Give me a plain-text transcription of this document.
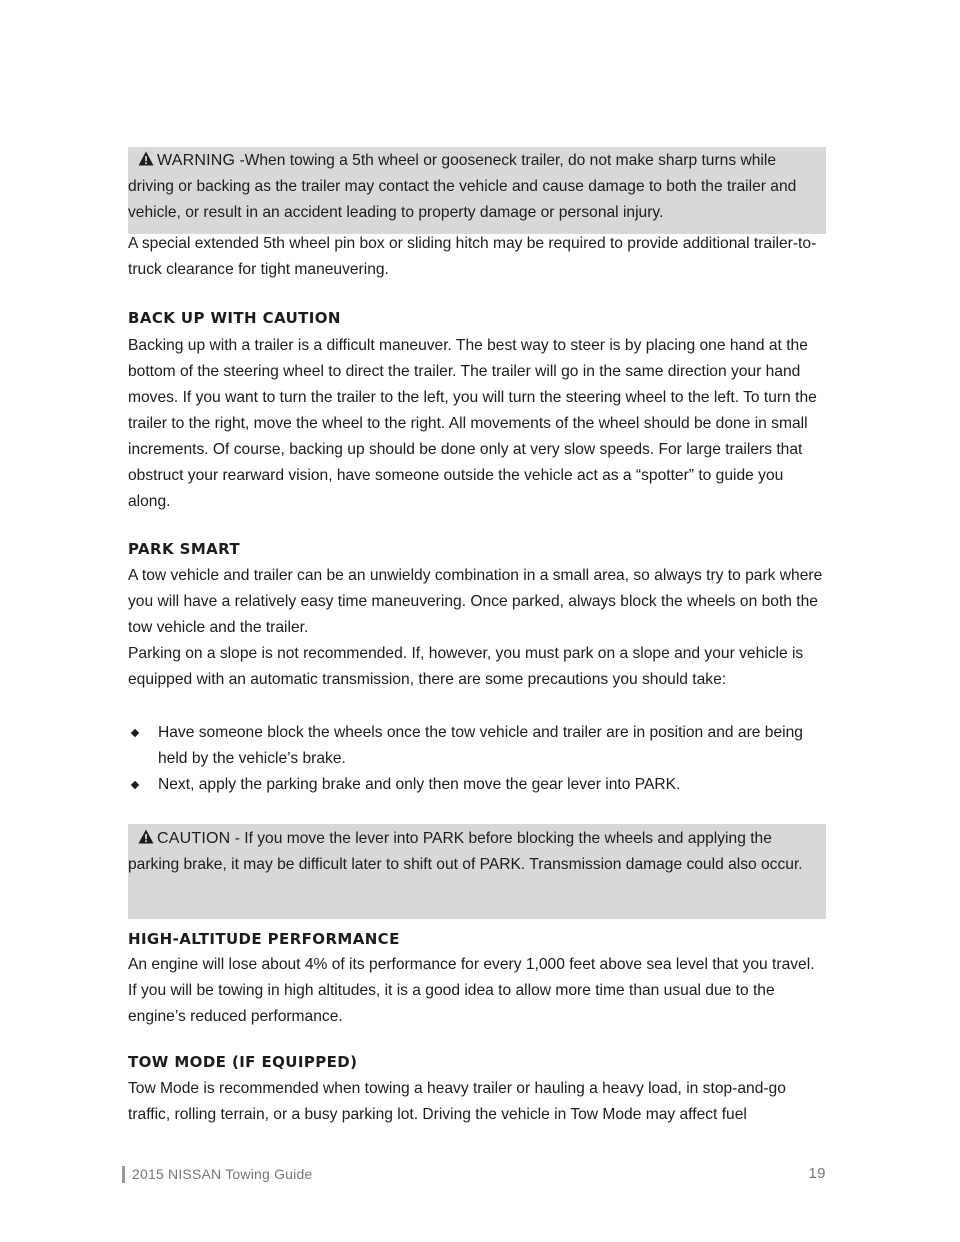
WARNING -When towing a 5th wheel or gooseneck trailer, do not make sharp turns while driving or backing as the trailer may contact the vehicle and cause damage to both the trailer and vehicle, or result in an accident leading to property damage or personal injury.

A special extended 5th wheel pin box or sliding hitch may be required to provide additional trailer-to-truck clearance for tight maneuvering.

BACK UP WITH CAUTION

Backing up with a trailer is a difficult maneuver. The best way to steer is by placing one hand at the bottom of the steering wheel to direct the trailer. The trailer will go in the same direction your hand moves. If you want to turn the trailer to the left, you will turn the steering wheel to the left. To turn the trailer to the right, move the wheel to the right. All movements of the wheel should be done in small increments. Of course, backing up should be done only at very slow speeds. For large trailers that obstruct your rearward vision, have someone outside the vehicle act as a “spotter” to guide you along.

PARK SMART

A tow vehicle and trailer can be an unwieldy combination in a small area, so always try to park where you will have a relatively easy time maneuvering. Once parked, always block the wheels on both the tow vehicle and the trailer.

Parking on a slope is not recommended. If, however, you must park on a slope and your vehicle is equipped with an automatic transmission, there are some precautions you should take:

Have someone block the wheels once the tow vehicle and trailer are in position and are being held by the vehicle’s brake.
Next, apply the parking brake and only then move the gear lever into PARK.

CAUTION - If you move the lever into PARK before blocking the wheels and applying the parking brake, it may be difficult later to shift out of PARK. Transmission damage could also occur.

HIGH-ALTITUDE PERFORMANCE

An engine will lose about 4% of its performance for every 1,000 feet above sea level that you travel. If you will be towing in high altitudes, it is a good idea to allow more time than usual due to the engine’s reduced performance.

TOW MODE (IF EQUIPPED)

Tow Mode is recommended when towing a heavy trailer or hauling a heavy load, in stop-and-go traffic, rolling terrain, or a busy parking lot. Driving the vehicle in Tow Mode may affect fuel

2015 NISSAN Towing Guide	19
